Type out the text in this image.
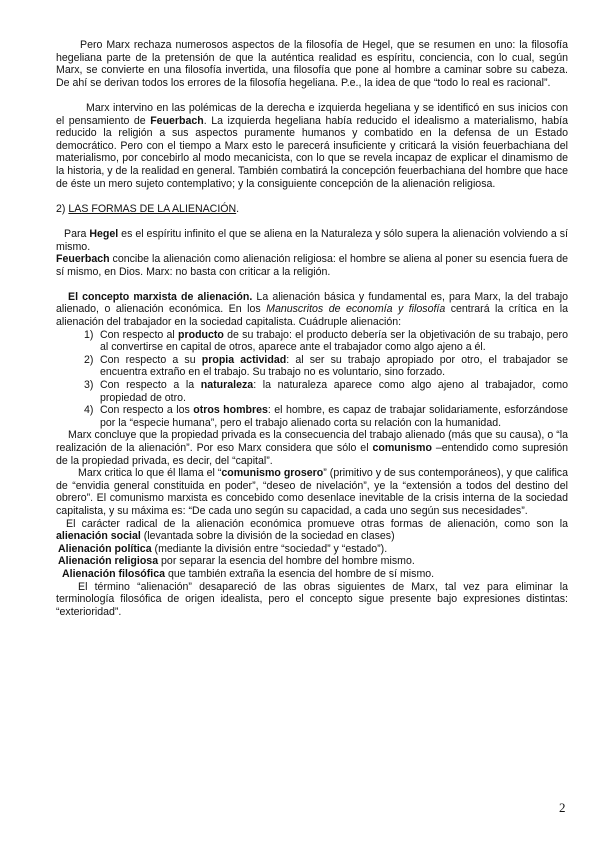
Pero Marx rechaza numerosos aspectos de la filosofía de Hegel, que se resumen en uno: la filosofía hegeliana parte de la pretensión de que la auténtica realidad es espíritu, conciencia, con lo cual, según Marx, se convierte en una filosofía invertida, una filosofía que pone al hombre a caminar sobre su cabeza. De ahí se derivan todos los errores de la filosofía hegeliana. P.e., la idea de que “todo lo real es racional”.

Marx intervino en las polémicas de la derecha e izquierda hegeliana y se identificó en sus inicios con el pensamiento de Feuerbach. La izquierda hegeliana había reducido el idealismo a materialismo, había reducido la religión a sus aspectos puramente humanos y combatido en la defensa de un Estado democrático. Pero con el tiempo a Marx esto le parecerá insuficiente y criticará la visión feuerbachiana del materialismo, por concebirlo al modo mecanicista, con lo que se revela incapaz de explicar el dinamismo de la historia, y de la realidad en general. También combatirá la concepción feuerbachiana del hombre que hace de éste un mero sujeto contemplativo; y la consiguiente concepción de la alienación religiosa.

2) LAS FORMAS DE LA ALIENACIÓN.

Para Hegel es el espíritu infinito el que se aliena en la Naturaleza y sólo supera la alienación volviendo a sí mismo.

Feuerbach concibe la alienación como alienación religiosa: el hombre se aliena al poner su esencia fuera de sí mismo, en Dios. Marx: no basta con criticar a la religión.

El concepto marxista de alienación. La alienación básica y fundamental es, para Marx, la del trabajo alienado, o alienación económica. En los Manuscritos de economía y filosofía centrará la crítica en la alienación del trabajador en la sociedad capitalista. Cuádruple alienación:

1) Con respecto al producto de su trabajo: el producto debería ser la objetivación de su trabajo, pero al convertirse en capital de otros, aparece ante el trabajador como algo ajeno a él.
2) Con respecto a su propia actividad: al ser su trabajo apropiado por otro, el trabajador se encuentra extraño en el trabajo. Su trabajo no es voluntario, sino forzado.
3) Con respecto a la naturaleza: la naturaleza aparece como algo ajeno al trabajador, como propiedad de otro.
4) Con respecto a los otros hombres: el hombre, es capaz de trabajar solidariamente, esforzándose por la “especie humana”, pero el trabajo alienado corta su relación con la humanidad.

Marx concluye que la propiedad privada es la consecuencia del trabajo alienado (más que su causa), o “la realización de la alienación”. Por eso Marx considera que sólo el comunismo –entendido como supresión de la propiedad privada, es decir, del “capital”.

Marx critica lo que él llama el “comunismo grosero” (primitivo y de sus contemporáneos), y que califica de “envidia general constituida en poder”, “deseo de nivelación”, ye la “extensión a todos del destino del obrero”. El comunismo marxista es concebido como desenlace inevitable de la crisis interna de la sociedad capitalista, y su máxima es: “De cada uno según su capacidad, a cada uno según sus necesidades”.

El carácter radical de la alienación económica promueve otras formas de alienación, como son la alienación social (levantada sobre la división de la sociedad en clases)

Alienación política (mediante la división entre “sociedad” y “estado”).

Alienación religiosa por separar la esencia del hombre del hombre mismo.

Alienación filosófica que también extraña la esencia del hombre de sí mismo.

El término “alienación” desapareció de las obras siguientes de Marx, tal vez para eliminar la terminología filosófica de origen idealista, pero el concepto sigue presente bajo expresiones distintas: “exterioridad”.

2
